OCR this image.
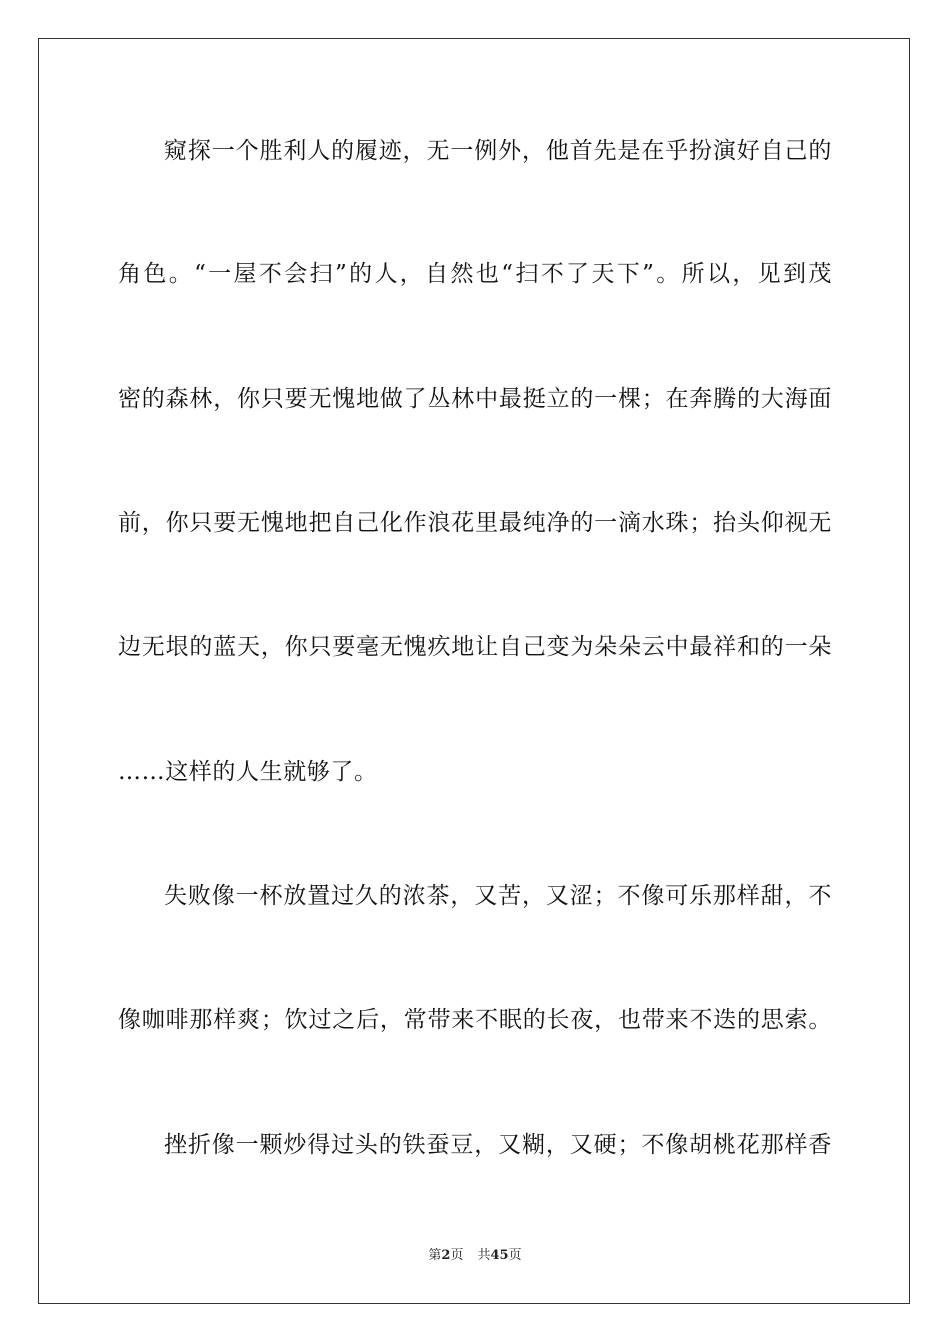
窥探一个胜利人的履迹，无一例外，他首先是在乎扮演好自己的
角色。“一屋不会扫”的人，自然也“扫不了天下”。所以，见到茂
密的森林，你只要无愧地做了丛林中最挺立的一棵；在奔腾的大海面
前，你只要无愧地把自己化作浪花里最纯净的一滴水珠；抬头仰视无
边无垠的蓝天，你只要毫无愧疚地让自己变为朵朵云中最祥和的一朵
……这样的人生就够了。
失败像一杯放置过久的浓茶，又苦，又涩；不像可乐那样甜，不
像咖啡那样爽；饮过之后，常带来不眠的长夜，也带来不迭的思索。
挫折像一颗炒得过头的铁蚕豆，又糊，又硬；不像胡桃花那样香
第2页 共45页
